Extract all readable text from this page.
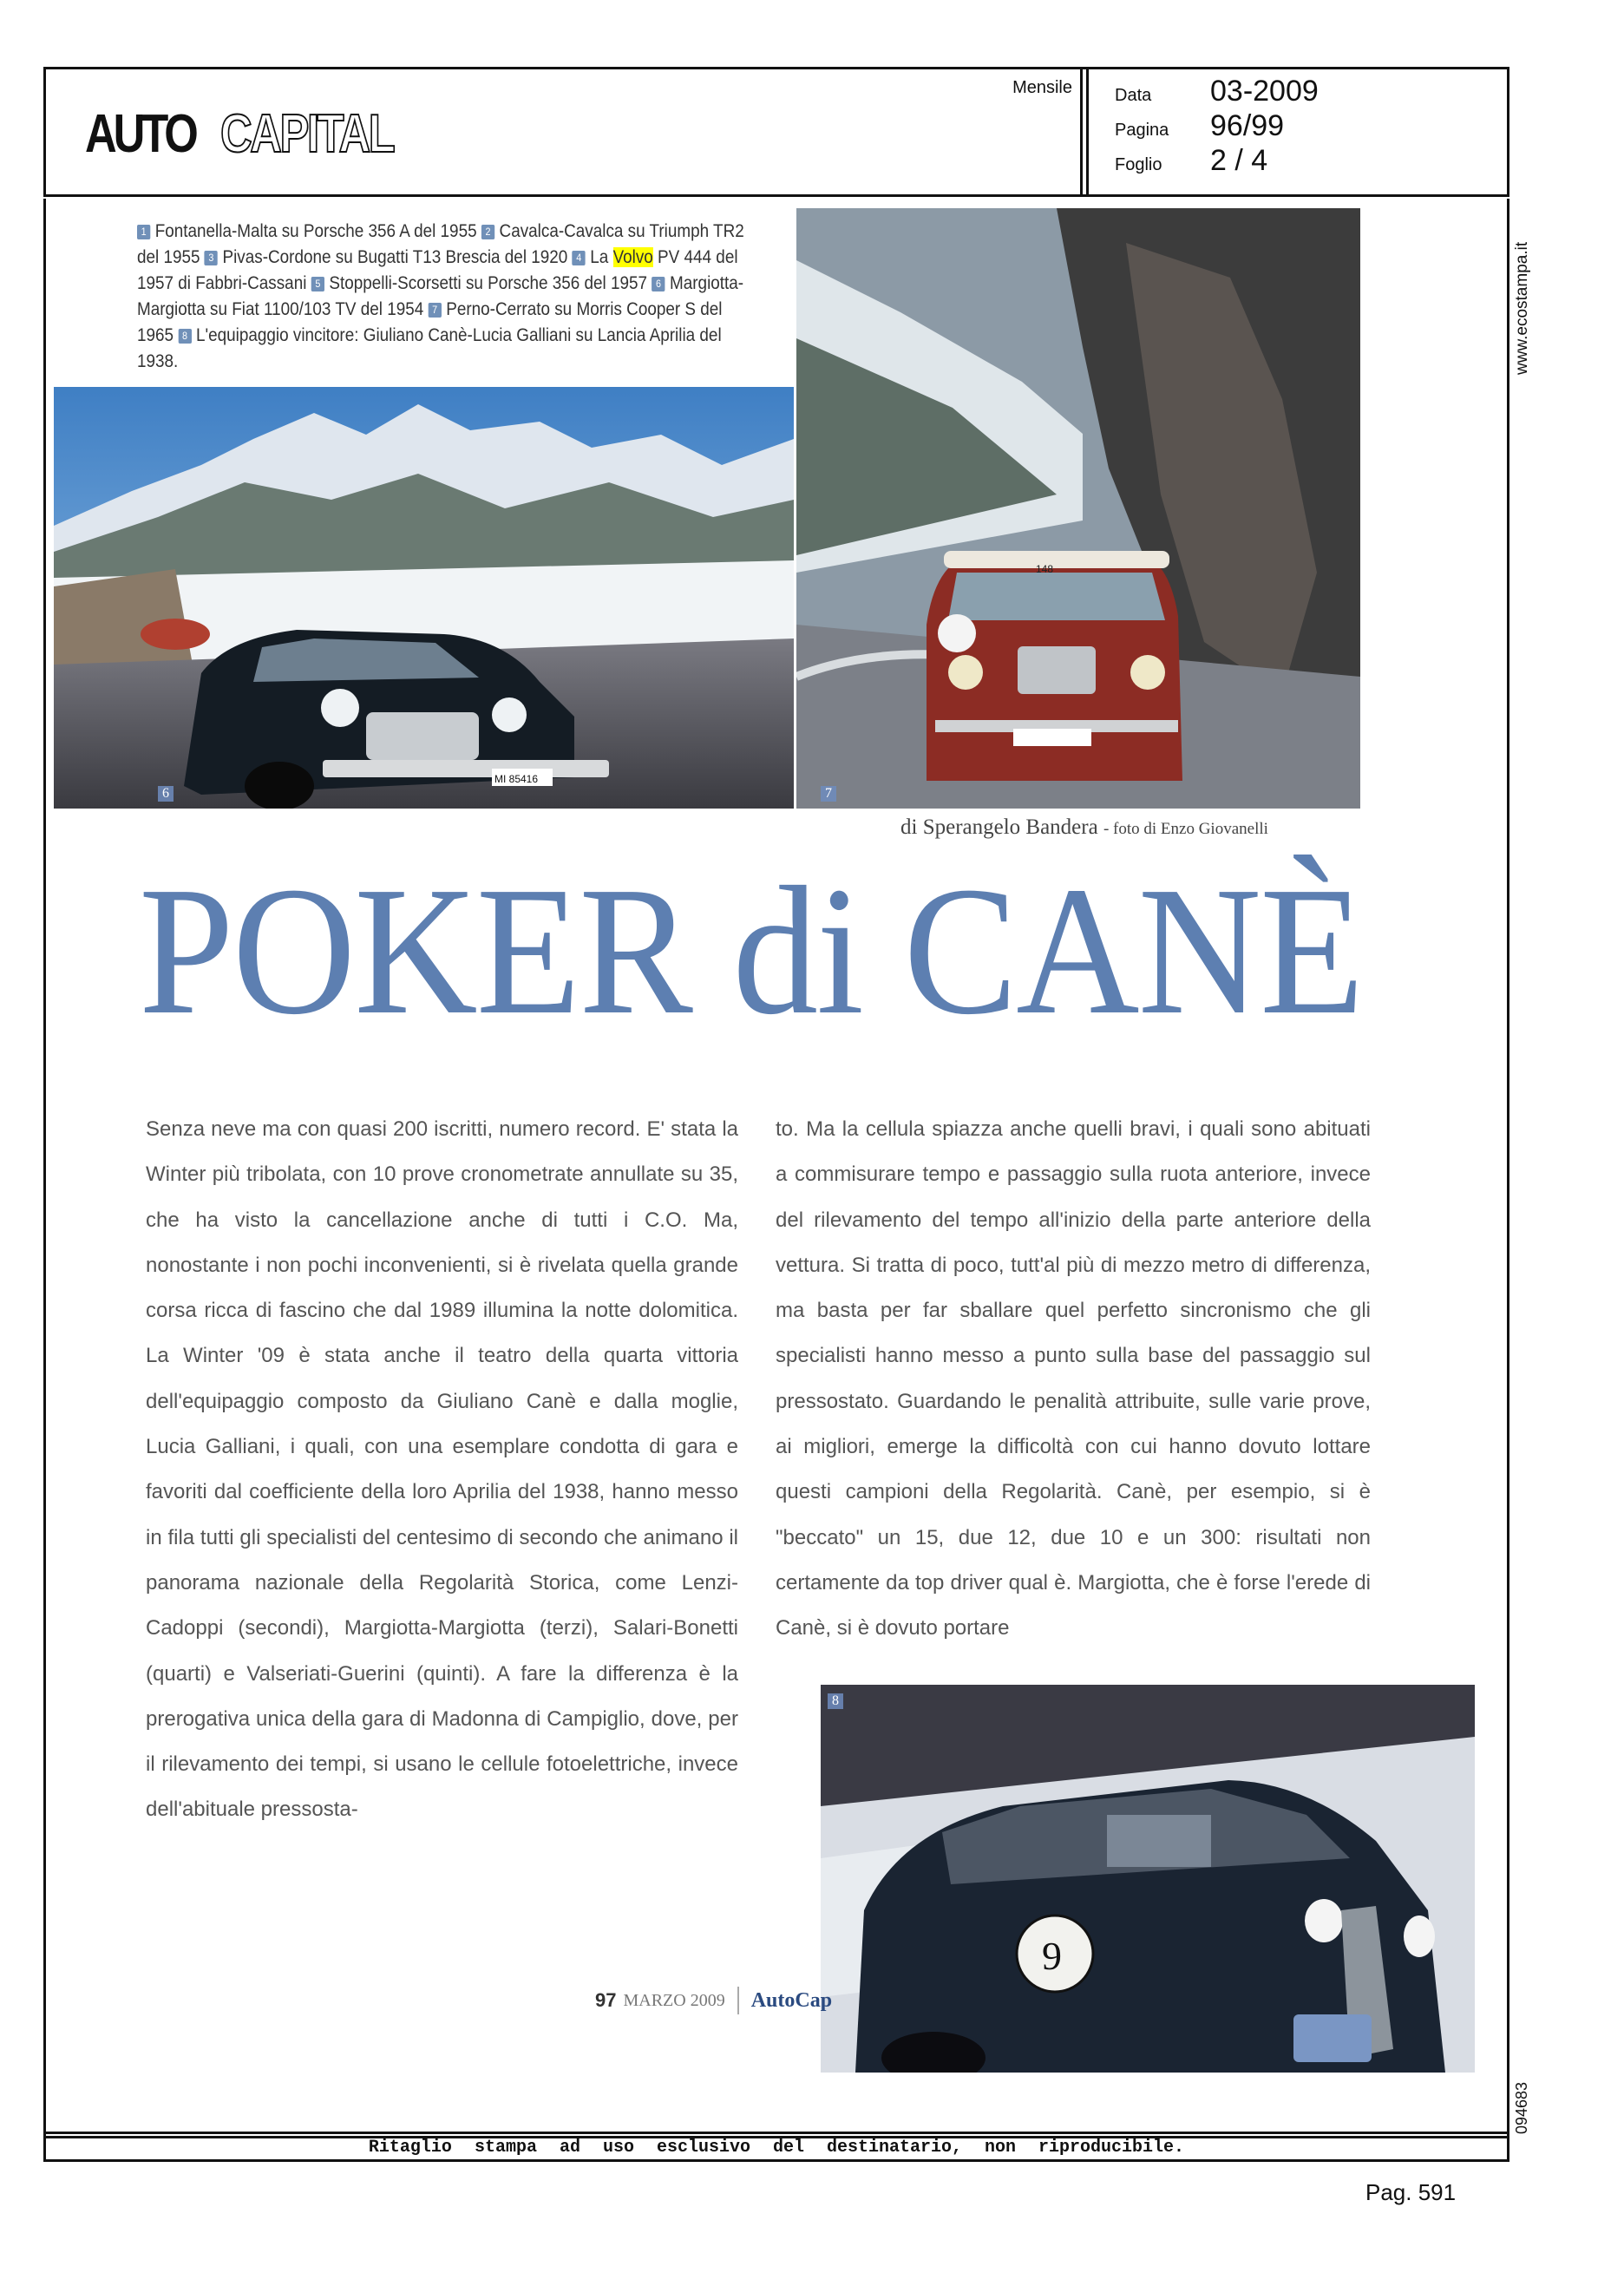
AUTO CAPITAL
Mensile Data	03-2009
Pagina	96/99
Foglio	2 / 4
1 Fontanella-Malta su Porsche 356 A del 1955 2 Cavalca-Cavalca su Triumph TR2 del 1955 3 Pivas-Cordone su Bugatti T13 Brescia del 1920 4 La Volvo PV 444 del 1957 di Fabbri-Cassani 5 Stoppelli-Scorsetti su Porsche 356 del 1957 6 Margiotta-Margiotta su Fiat 1100/103 TV del 1954 7 Perno-Cerrato su Morris Cooper S del 1965 8 L'equipaggio vincitore: Giuliano Canè-Lucia Galliani su Lancia Aprilia del 1938.
MI 85416
6
148
7
di Sperangelo Bandera - foto di Enzo Giovanelli
POKER di CANÈ
Senza neve ma con quasi 200 iscritti, numero record. E' stata la Winter più tribolata, con 10 prove cronometrate annullate su 35, che ha visto la cancellazione anche di tutti i C.O. Ma, nonostante i non pochi inconvenienti, si è rivelata quella grande corsa ricca di fascino che dal 1989 illumina la notte dolomitica. La Winter '09 è stata anche il teatro della quarta vittoria dell'equipaggio composto da Giuliano Canè e dalla moglie, Lucia Galliani, i quali, con una esemplare condotta di gara e favoriti dal coefficiente della loro Aprilia del 1938, hanno messo in fila tutti gli specialisti del centesimo di secondo che animano il panorama nazionale della Regolarità Storica, come Lenzi-Cadoppi (secondi), Margiotta-Margiotta (terzi), Salari-Bonetti (quarti) e Valseriati-Guerini (quinti). A fare la differenza è la prerogativa unica della gara di Madonna di Campiglio, dove, per il rilevamento dei tempi, si usano le cellule fotoelettriche, invece dell'abituale pressosta-
to. Ma la cellula spiazza anche quelli bravi, i quali sono abituati a commisurare tempo e passaggio sulla ruota anteriore, invece del rilevamento del tempo all'inizio della parte anteriore della vettura. Si tratta di poco, tutt'al più di mezzo metro di differenza, ma basta per far sballare quel perfetto sincronismo che gli specialisti hanno messo a punto sulla base del passaggio sul pressostato. Guardando le penalità attribuite, sulle varie prove, ai migliori, emerge la difficoltà con cui hanno dovuto lottare questi campioni della Regolarità. Canè, per esempio, si è "beccato" un 15, due 12, due 10 e un 300: risultati non certamente da top driver qual è. Margiotta, che è forse l'erede di Canè, si è dovuto portare
9
8
97 MARZO 2009 AutoCap
Ritaglio stampa ad uso esclusivo del destinatario, non riproducibile.
www.ecostampa.it
094683
Pag. 591
